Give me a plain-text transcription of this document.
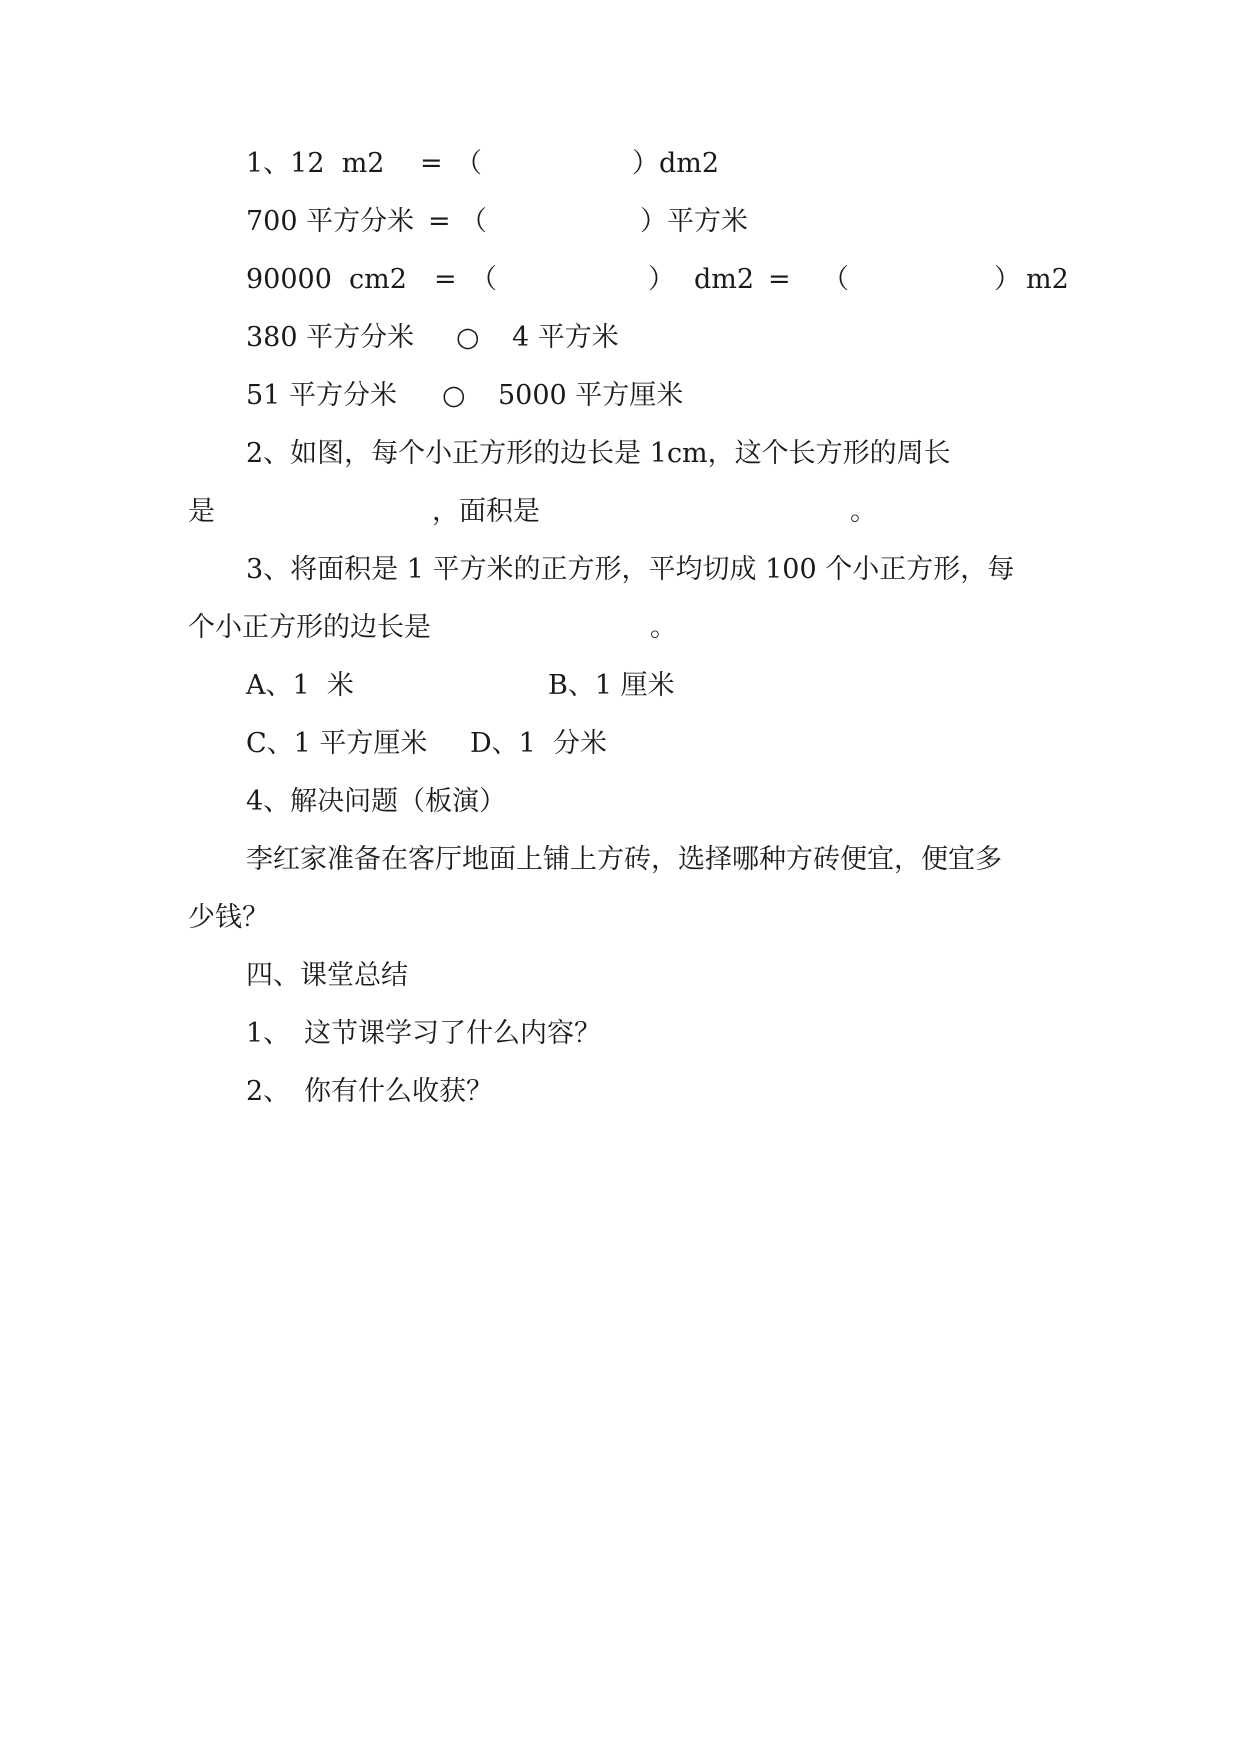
1、12  m2

=

（

	）dm2

700 平方分米

=

（

	）平方米

90000  cm2

=

（

	）

dm2

=

（

	）

m2

380 平方分米

○

4 平方米

51 平方分米

○

5000 平方厘米

2、如图，每个小正方形的边长是 1cm，这个长方形的周长

是

	，面积是

	。

3、将面积是 1 平方米的正方形，平均切成 100 个小正方形，每

个小正方形的边长是

	。

A、1  米

	B、1 厘米

C、1 平方厘米

D、1  分米

4、解决问题（板演）
李红家准备在客厅地面上铺上方砖，选择哪种方砖便宜，便宜多
少钱？
四、课堂总结

1、

这节课学习了什么内容？

2、

你有什么收获？
